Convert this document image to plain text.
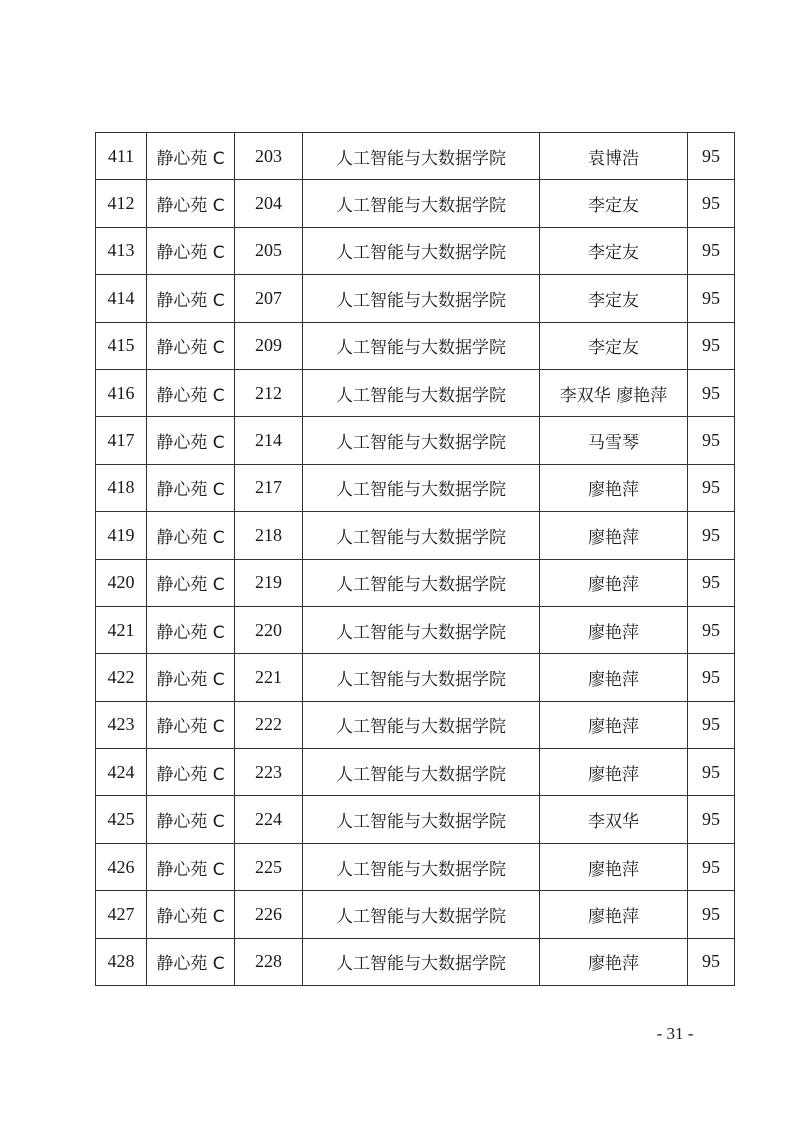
411	静心苑 C	203	人工智能与大数据学院	袁博浩	95
412	静心苑 C	204	人工智能与大数据学院	李定友	95
413	静心苑 C	205	人工智能与大数据学院	李定友	95
414	静心苑 C	207	人工智能与大数据学院	李定友	95
415	静心苑 C	209	人工智能与大数据学院	李定友	95
416	静心苑 C	212	人工智能与大数据学院	李双华 廖艳萍	95
417	静心苑 C	214	人工智能与大数据学院	马雪琴	95
418	静心苑 C	217	人工智能与大数据学院	廖艳萍	95
419	静心苑 C	218	人工智能与大数据学院	廖艳萍	95
420	静心苑 C	219	人工智能与大数据学院	廖艳萍	95
421	静心苑 C	220	人工智能与大数据学院	廖艳萍	95
422	静心苑 C	221	人工智能与大数据学院	廖艳萍	95
423	静心苑 C	222	人工智能与大数据学院	廖艳萍	95
424	静心苑 C	223	人工智能与大数据学院	廖艳萍	95
425	静心苑 C	224	人工智能与大数据学院	李双华	95
426	静心苑 C	225	人工智能与大数据学院	廖艳萍	95
427	静心苑 C	226	人工智能与大数据学院	廖艳萍	95
428	静心苑 C	228	人工智能与大数据学院	廖艳萍	95
- 31 -
